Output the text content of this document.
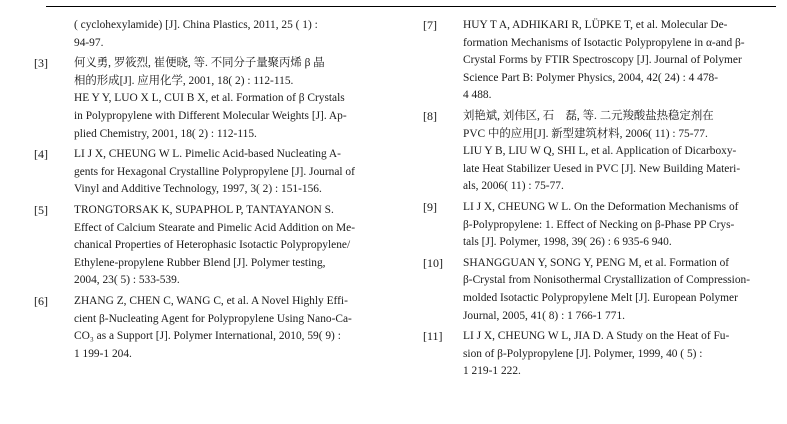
( cyclohexylamide) [J]. China Plastics, 2011, 25 ( 1) :
94-97.
[3] 何义勇, 罗筱烈, 崔便晓, 等. 不同分子量聚丙烯 β 晶
相的形成[J]. 应用化学, 2001, 18( 2) : 112-115.
HE Y Y, LUO X L, CUI B X, et al. Formation of β Crystals
in Polypropylene with Different Molecular Weights [J]. Ap-
plied Chemistry, 2001, 18( 2) : 112-115.
[4] LI J X, CHEUNG W L. Pimelic Acid-based Nucleating A-
gents for Hexagonal Crystalline Polypropylene [J]. Journal of
Vinyl and Additive Technology, 1997, 3( 2) : 151-156.
[5] TRONGTORSAK K, SUPAPHOL P, TANTAYANON S.
Effect of Calcium Stearate and Pimelic Acid Addition on Me-
chanical Properties of Heterophasic Isotactic Polypropylene/
Ethylene-propylene Rubber Blend [J]. Polymer testing,
2004, 23( 5) : 533-539.
[6] ZHANG Z, CHEN C, WANG C, et al. A Novel Highly Effi-
cient β-Nucleating Agent for Polypropylene Using Nano-Ca-
CO₃ as a Support [J]. Polymer International, 2010, 59( 9) :
1 199-1 204.
[7] HUY T A, ADHIKARI R, LÜPKE T, et al. Molecular De-
formation Mechanisms of Isotactic Polypropylene in α-and β-
Crystal Forms by FTIR Spectroscopy [J]. Journal of Polymer
Science Part B: Polymer Physics, 2004, 42( 24) : 4 478-
4 488.
[8] 刘艳斌, 刘伟区, 石　磊, 等. 二元羧酸盐热稳定剂在
PVC 中的应用[J]. 新型建筑材料, 2006( 11) : 75-77.
LIU Y B, LIU W Q, SHI L, et al. Application of Dicarboxy-
late Heat Stabilizer Uesed in PVC [J]. New Building Materi-
als, 2006( 11) : 75-77.
[9] LI J X, CHEUNG W L. On the Deformation Mechanisms of
β-Polypropylene: 1. Effect of Necking on β-Phase PP Crys-
tals [J]. Polymer, 1998, 39( 26) : 6 935-6 940.
[10] SHANGGUAN Y, SONG Y, PENG M, et al. Formation of
β-Crystal from Nonisothermal Crystallization of Compression-
molded Isotactic Polypropylene Melt [J]. European Polymer
Journal, 2005, 41( 8) : 1 766-1 771.
[11] LI J X, CHEUNG W L, JIA D. A Study on the Heat of Fu-
sion of β-Polypropylene [J]. Polymer, 1999, 40 ( 5) :
1 219-1 222.
